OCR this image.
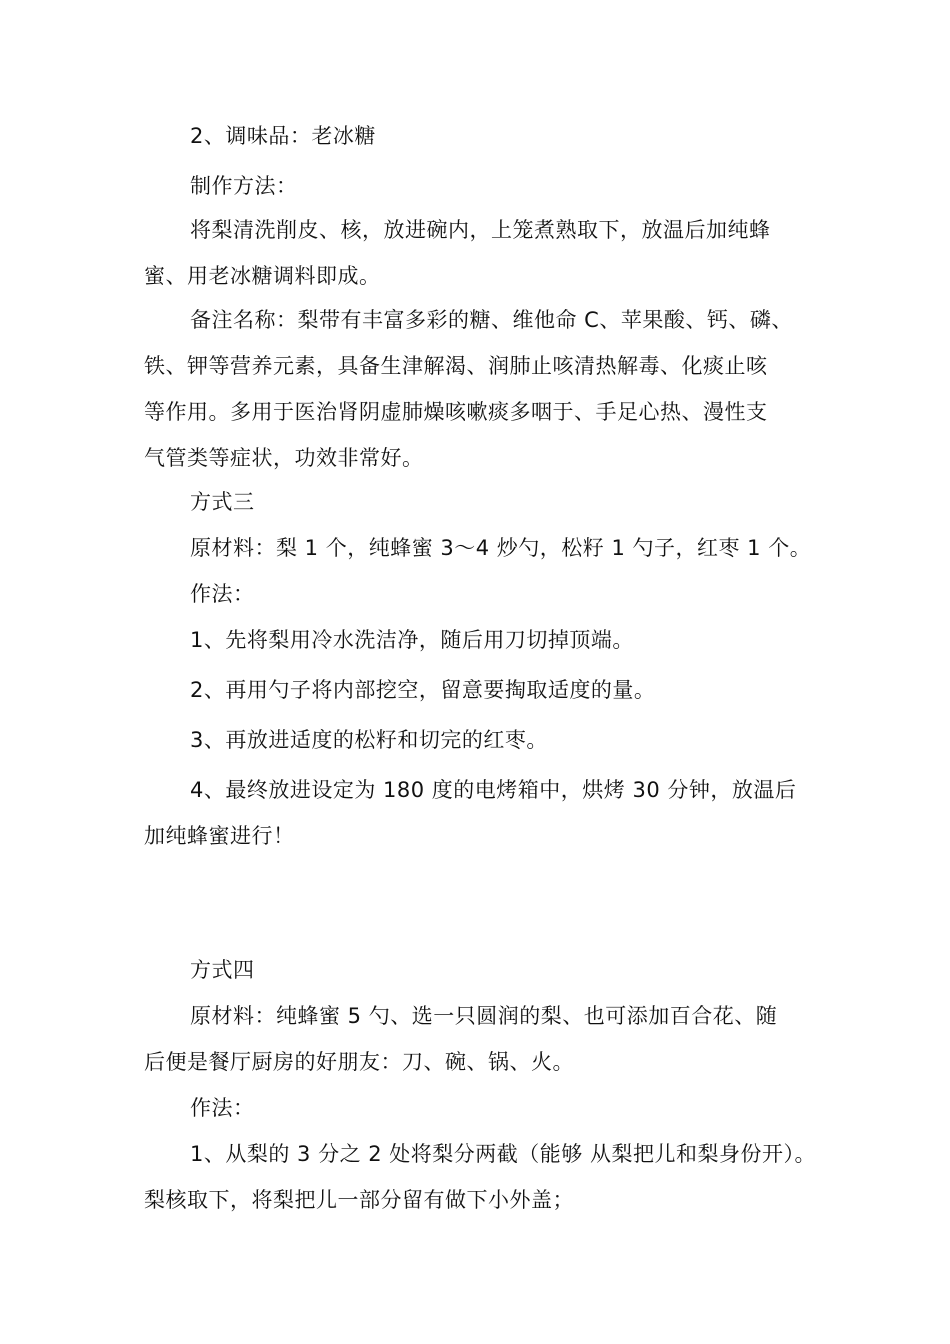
2、调味品：老冰糖
制作方法：
将梨清洗削皮、核，放进碗内，上笼煮熟取下，放温后加纯蜂
蜜、用老冰糖调料即成。
备注名称：梨带有丰富多彩的糖、维他命 C、苹果酸、钙、磷、
铁、钾等营养元素，具备生津解渴、润肺止咳清热解毒、化痰止咳
等作用。多用于医治肾阴虚肺燥咳嗽痰多咽于、手足心热、漫性支
气管类等症状，功效非常好。
方式三
原材料：梨 1 个，纯蜂蜜 3～4 炒勺，松籽 1 勺子，红枣 1 个。
作法：
1、先将梨用冷水洗洁净，随后用刀切掉顶端。
2、再用勺子将内部挖空，留意要掏取适度的量。
3、再放进适度的松籽和切完的红枣。
4、最终放进设定为 180 度的电烤箱中，烘烤 30 分钟，放温后
加纯蜂蜜进行！
方式四
原材料：纯蜂蜜 5 勺、选一只圆润的梨、也可添加百合花、随
后便是餐厅厨房的好朋友：刀、碗、锅、火。
作法：
1、从梨的 3 分之 2 处将梨分两截（能够 从梨把儿和梨身份开）。
梨核取下，将梨把儿一部分留有做下小外盖；
